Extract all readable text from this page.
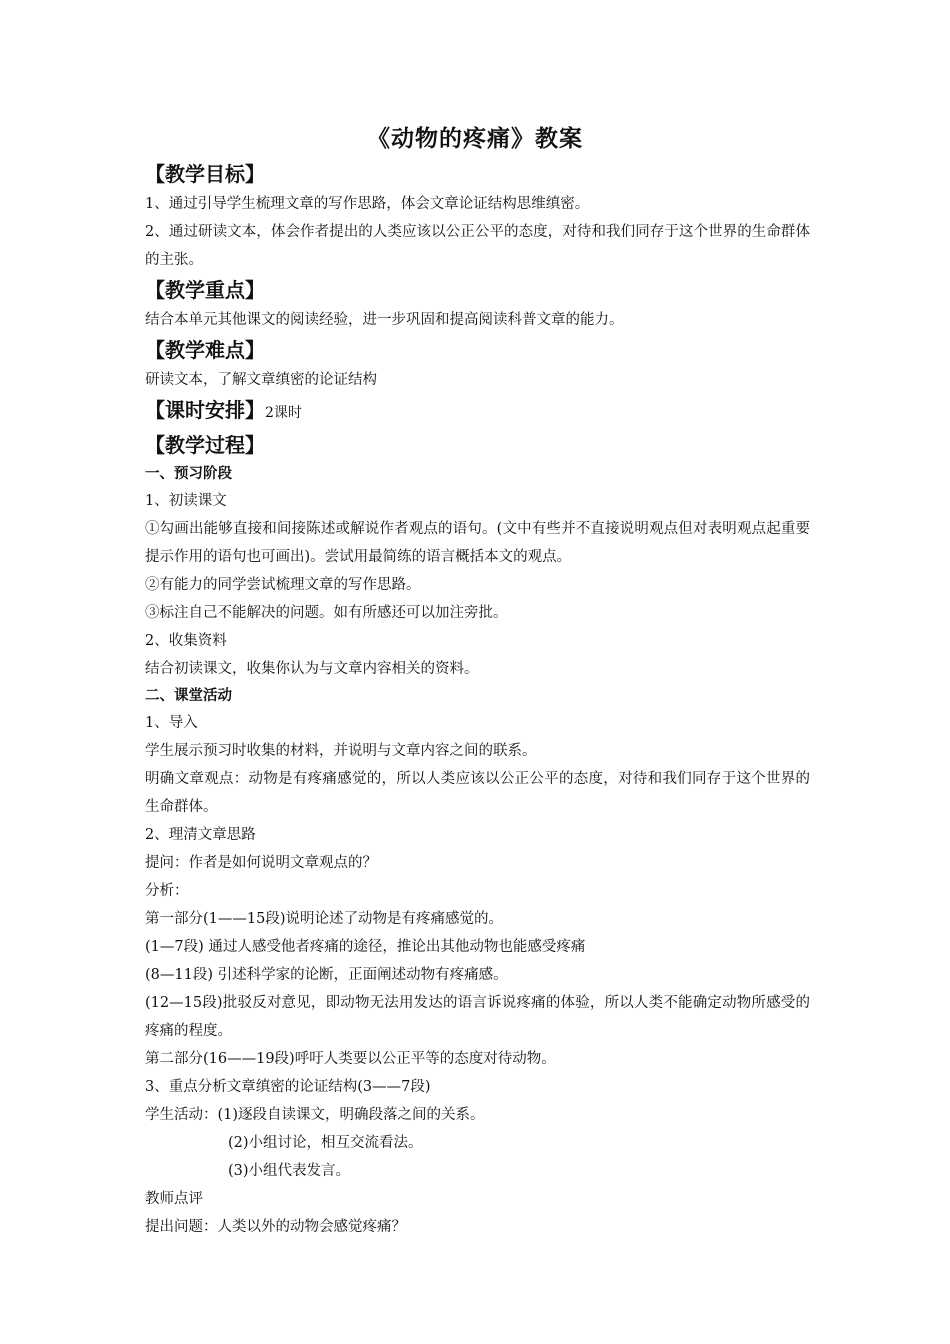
《动物的疼痛》教案

【教学目标】

1、通过引导学生梳理文章的写作思路，体会文章论证结构思维缜密。

2、通过研读文本，体会作者提出的人类应该以公正公平的态度，对待和我们同存于这个世界的生命群体的主张。

【教学重点】

结合本单元其他课文的阅读经验，进一步巩固和提高阅读科普文章的能力。

【教学难点】

研读文本，了解文章缜密的论证结构

【课时安排】2课时

【教学过程】

一、预习阶段

1、初读课文

①勾画出能够直接和间接陈述或解说作者观点的语句。(文中有些并不直接说明观点但对表明观点起重要提示作用的语句也可画出)。尝试用最简练的语言概括本文的观点。

②有能力的同学尝试梳理文章的写作思路。

③标注自己不能解决的问题。如有所感还可以加注旁批。

2、收集资料

结合初读课文，收集你认为与文章内容相关的资料。

二、课堂活动

1、导入

学生展示预习时收集的材料，并说明与文章内容之间的联系。

明确文章观点：动物是有疼痛感觉的，所以人类应该以公正公平的态度，对待和我们同存于这个世界的生命群体。

2、理清文章思路

提问：作者是如何说明文章观点的？

分析：

第一部分(1——15段)说明论述了动物是有疼痛感觉的。

(1—7段) 通过人感受他者疼痛的途径，推论出其他动物也能感受疼痛

(8—11段) 引述科学家的论断，正面阐述动物有疼痛感。

(12—15段)批驳反对意见，即动物无法用发达的语言诉说疼痛的体验，所以人类不能确定动物所感受的疼痛的程度。

第二部分(16——19段)呼吁人类要以公正平等的态度对待动物。

3、重点分析文章缜密的论证结构(3——7段)

学生活动：(1)逐段自读课文，明确段落之间的关系。

(2)小组讨论，相互交流看法。

(3)小组代表发言。

教师点评

提出问题：人类以外的动物会感觉疼痛？
